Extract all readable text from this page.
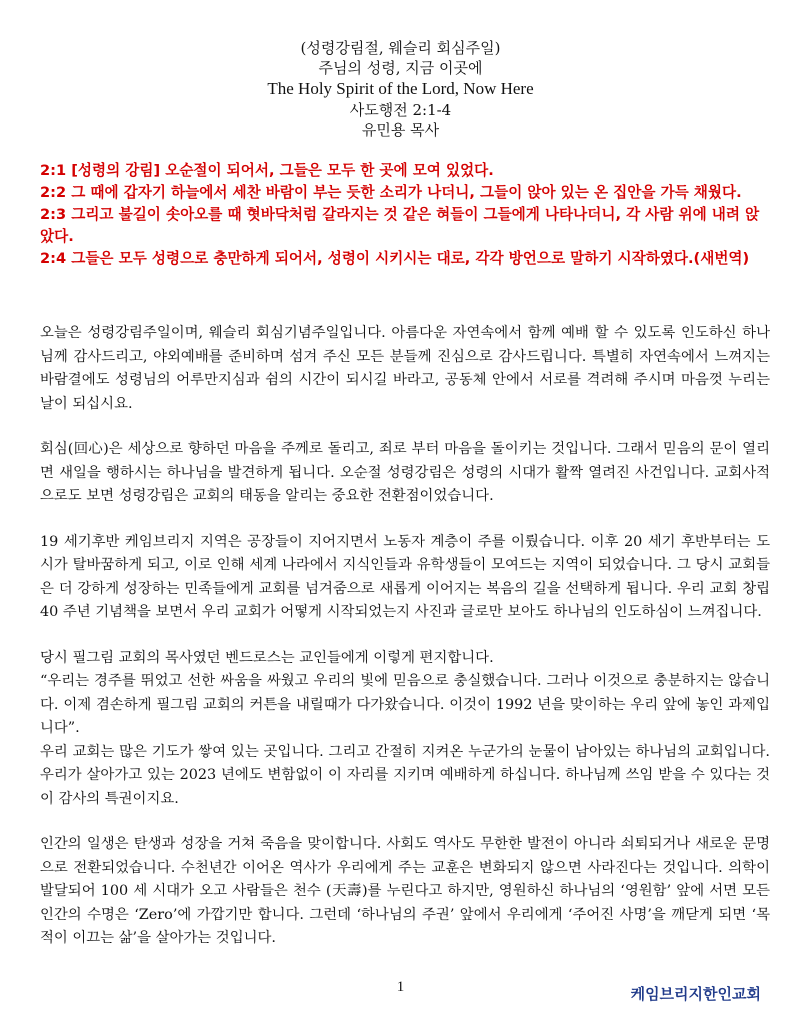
(성령강림절, 웨슬리 회심주일)
주님의 성령, 지금 이곳에
The Holy Spirit of the Lord, Now Here
사도행전 2:1-4
유민용 목사

2:1 [성령의 강림] 오순절이 되어서, 그들은 모두 한 곳에 모여 있었다.

2:2 그 때에 갑자기 하늘에서 세찬 바람이 부는 듯한 소리가 나더니, 그들이 앉아 있는 온 집안을 가득 채웠다.

2:3 그리고 불길이 솟아오를 때 혓바닥처럼 갈라지는 것 같은 혀들이 그들에게 나타나더니, 각 사람 위에 내려 앉았다.

2:4 그들은 모두 성령으로 충만하게 되어서, 성령이 시키시는 대로, 각각 방언으로 말하기 시작하였다.(새번역)

오늘은 성령강림주일이며, 웨슬리 회심기념주일입니다. 아름다운 자연속에서 함께 예배 할 수 있도록 인도하신 하나님께 감사드리고, 야외예배를 준비하며 섬겨 주신 모든 분들께 진심으로 감사드립니다. 특별히 자연속에서 느껴지는 바람결에도 성령님의 어루만지심과 쉼의 시간이 되시길 바라고, 공동체 안에서 서로를 격려해 주시며 마음껏 누리는 날이 되십시요.

회심(回心)은 세상으로 향하던 마음을 주께로 돌리고, 죄로 부터 마음을 돌이키는 것입니다. 그래서 믿음의 문이 열리면 새일을 행하시는 하나님을 발견하게 됩니다. 오순절 성령강림은 성령의 시대가 활짝 열려진 사건입니다. 교회사적으로도 보면 성령강림은 교회의 태동을 알리는 중요한 전환점이었습니다.

19 세기후반 케임브리지 지역은 공장들이 지어지면서 노동자 계층이 주를 이뤘습니다. 이후 20 세기 후반부터는 도시가 탈바꿈하게 되고, 이로 인해 세계 나라에서 지식인들과 유학생들이 모여드는 지역이 되었습니다. 그 당시 교회들은 더 강하게 성장하는 민족들에게 교회를 넘겨줌으로 새롭게 이어지는 복음의 길을 선택하게 됩니다. 우리 교회 창립 40 주년 기념책을 보면서 우리 교회가 어떻게 시작되었는지 사진과 글로만 보아도 하나님의 인도하심이 느껴집니다.

당시 필그림 교회의 목사였던 벤드로스는 교인들에게 이렇게 편지합니다.

“우리는 경주를 뛰었고 선한 싸움을 싸웠고 우리의 빛에 믿음으로 충실했습니다. 그러나 이것으로 충분하지는 않습니다. 이제 겸손하게 필그림 교회의 커튼을 내릴때가 다가왔습니다. 이것이 1992 년을 맞이하는 우리 앞에 놓인 과제입니다”.

우리 교회는 많은 기도가 쌓여 있는 곳입니다. 그리고 간절히 지켜온 누군가의 눈물이 남아있는 하나님의 교회입니다. 우리가 살아가고 있는 2023 년에도 변함없이 이 자리를 지키며 예배하게 하십니다. 하나님께 쓰임 받을 수 있다는 것이 감사의 특권이지요.

인간의 일생은 탄생과 성장을 거쳐 죽음을 맞이합니다. 사회도 역사도 무한한 발전이 아니라 쇠퇴되거나 새로운 문명으로 전환되었습니다. 수천년간 이어온 역사가 우리에게 주는 교훈은 변화되지 않으면 사라진다는 것입니다. 의학이 발달되어 100 세 시대가 오고 사람들은 천수 (天壽)를 누린다고 하지만, 영원하신 하나님의 ‘영원함’ 앞에 서면 모든 인간의 수명은 ‘Zero’에 가깝기만 합니다. 그런데 ‘하나님의 주권’ 앞에서 우리에게 ‘주어진 사명’을 깨닫게 되면 ‘목적이 이끄는 삶’을 살아가는 것입니다.

1	케임브리지한인교회
